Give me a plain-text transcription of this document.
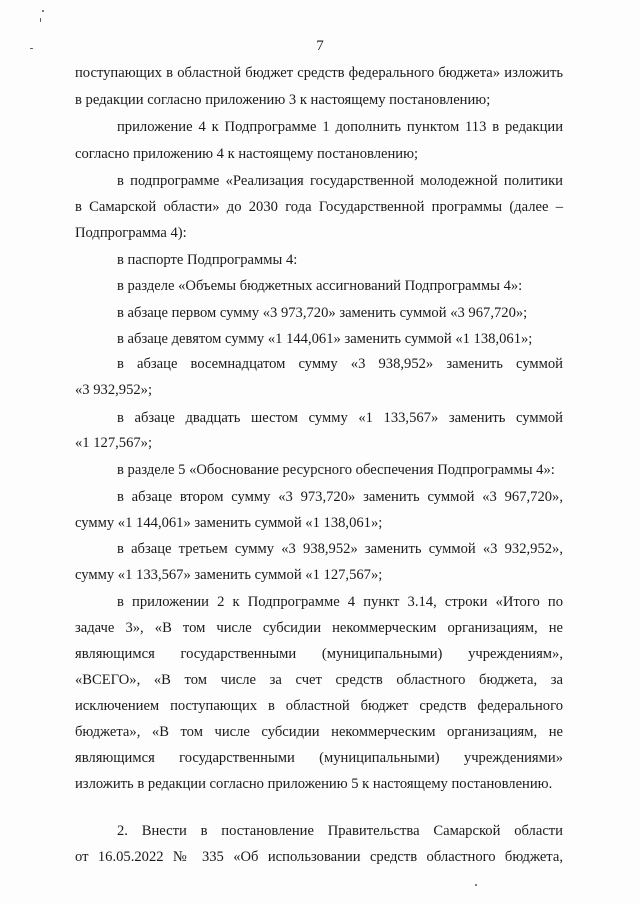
7
поступающих в областной бюджет средств федерального бюджета» изложить
в редакции согласно приложению 3 к настоящему постановлению;
приложение 4 к Подпрограмме 1 дополнить пунктом 113 в редакции
согласно приложению 4 к настоящему постановлению;
в подпрограмме «Реализация государственной молодежной политики
в Самарской области» до 2030 года Государственной программы (далее –
Подпрограмма 4):
в паспорте Подпрограммы 4:
в разделе «Объемы бюджетных ассигнований Подпрограммы 4»:
в абзаце первом сумму «3 973,720» заменить суммой «3 967,720»;
в абзаце девятом сумму «1 144,061» заменить суммой «1 138,061»;
в абзаце восемнадцатом сумму «3 938,952» заменить суммой
«3 932,952»;
в абзаце двадцать шестом сумму «1 133,567» заменить суммой
«1 127,567»;
в разделе 5 «Обоснование ресурсного обеспечения Подпрограммы 4»:
в абзаце втором сумму «3 973,720» заменить суммой «3 967,720»,
сумму «1 144,061» заменить суммой «1 138,061»;
в абзаце третьем сумму «3 938,952» заменить суммой «3 932,952»,
сумму «1 133,567» заменить суммой «1 127,567»;
в приложении 2 к Подпрограмме 4 пункт 3.14, строки «Итого по
задаче 3», «В том числе субсидии некоммерческим организациям, не
являющимся государственными (муниципальными) учреждениям»,
«ВСЕГО», «В том числе за счет средств областного бюджета, за
исключением поступающих в областной бюджет средств федерального
бюджета», «В том числе субсидии некоммерческим организациям, не
являющимся государственными (муниципальными) учреждениями»
изложить в редакции согласно приложению 5 к настоящему постановлению.
2. Внести в постановление Правительства Самарской области
от 16.05.2022 № 335 «Об использовании средств областного бюджета,
